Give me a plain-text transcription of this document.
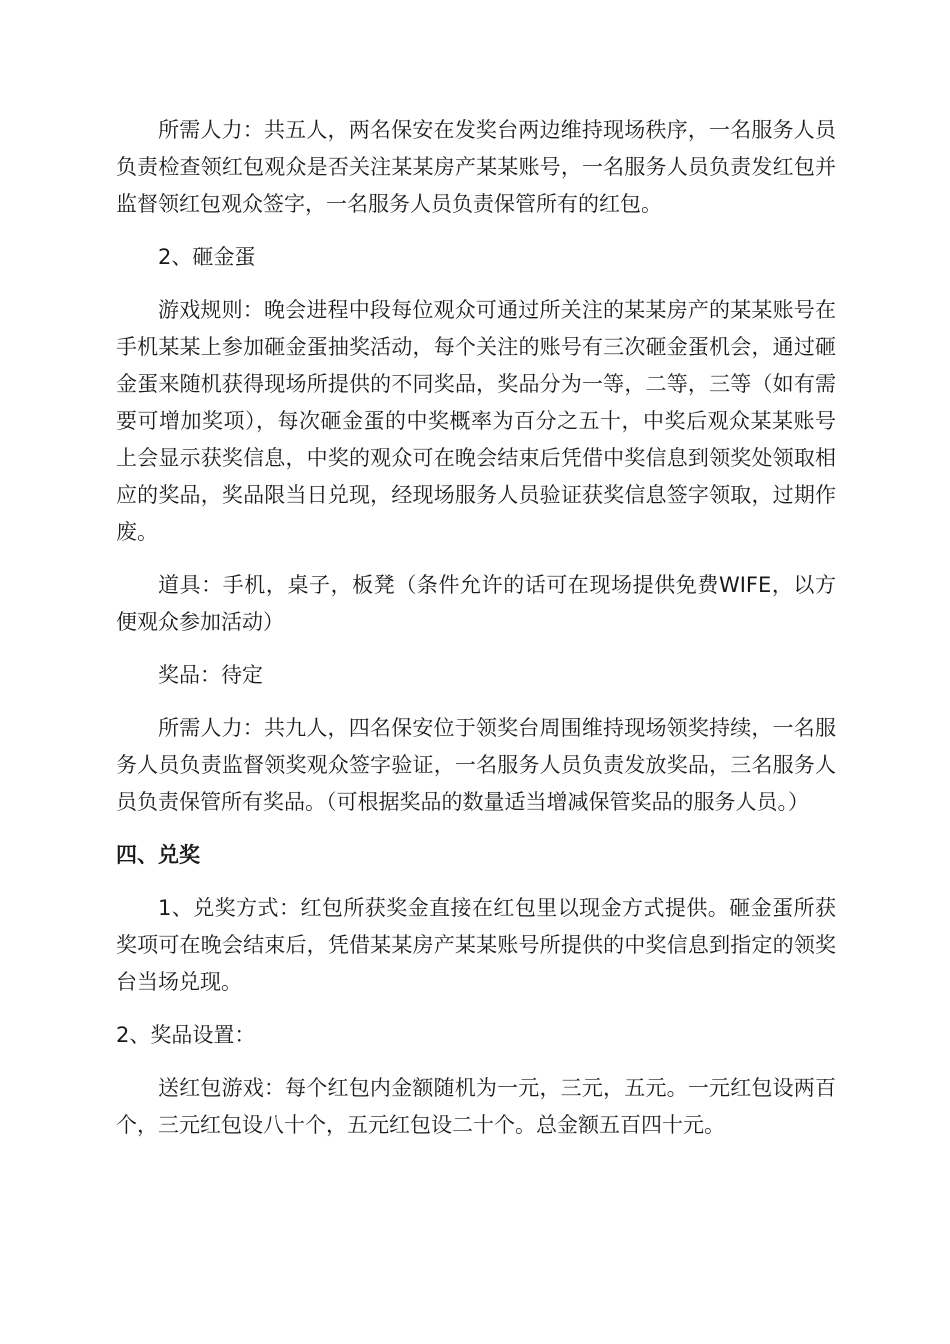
所需人力：共五人，两名保安在发奖台两边维持现场秩序，一名服务人员负责检查领红包观众是否关注某某房产某某账号，一名服务人员负责发红包并监督领红包观众签字，一名服务人员负责保管所有的红包。

2、砸金蛋

游戏规则：晚会进程中段每位观众可通过所关注的某某房产的某某账号在手机某某上参加砸金蛋抽奖活动，每个关注的账号有三次砸金蛋机会，通过砸金蛋来随机获得现场所提供的不同奖品，奖品分为一等，二等，三等（如有需要可增加奖项），每次砸金蛋的中奖概率为百分之五十，中奖后观众某某账号上会显示获奖信息，中奖的观众可在晚会结束后凭借中奖信息到领奖处领取相应的奖品，奖品限当日兑现，经现场服务人员验证获奖信息签字领取，过期作废。

道具：手机，桌子，板凳（条件允许的话可在现场提供免费WIFE，以方便观众参加活动）

奖品：待定

所需人力：共九人，四名保安位于领奖台周围维持现场领奖持续，一名服务人员负责监督领奖观众签字验证，一名服务人员负责发放奖品，三名服务人员负责保管所有奖品。（可根据奖品的数量适当增减保管奖品的服务人员。）

四、兑奖

1、兑奖方式：红包所获奖金直接在红包里以现金方式提供。砸金蛋所获奖项可在晚会结束后，凭借某某房产某某账号所提供的中奖信息到指定的领奖台当场兑现。

2、奖品设置：

送红包游戏：每个红包内金额随机为一元，三元，五元。一元红包设两百个，三元红包设八十个，五元红包设二十个。总金额五百四十元。
